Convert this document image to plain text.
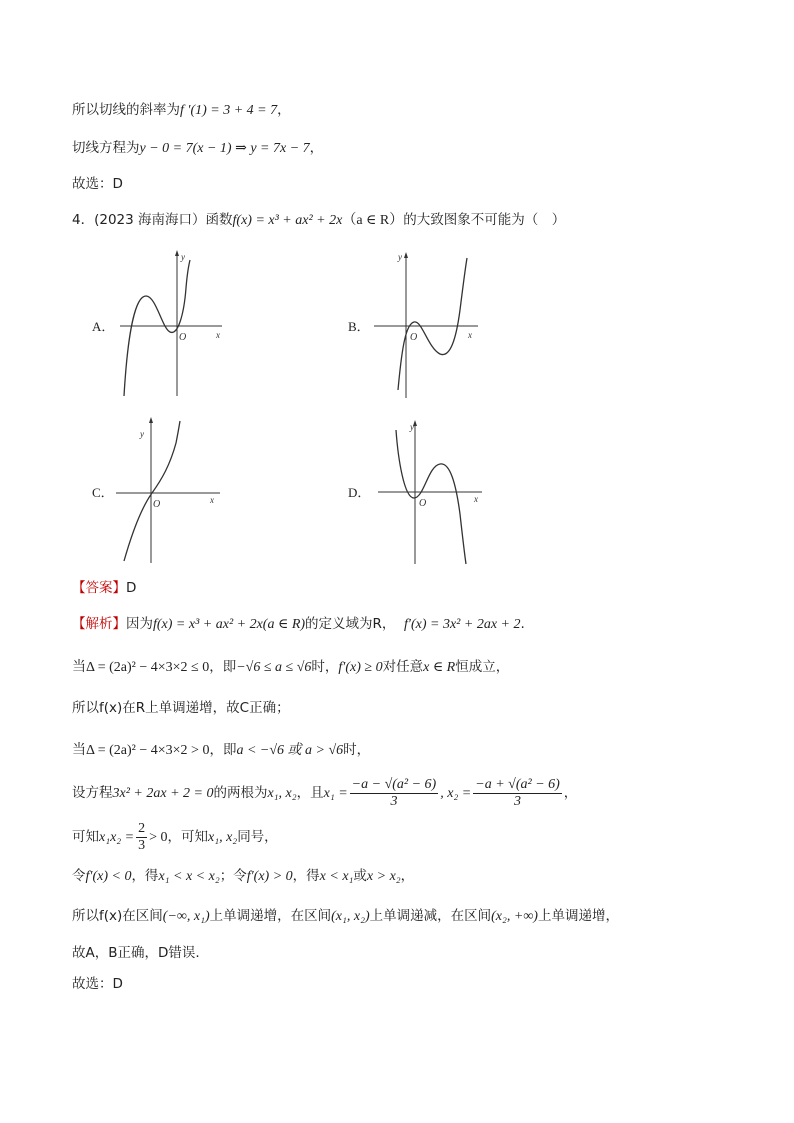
所以切线的斜率为f ′(1) = 3 + 4 = 7，
切线方程为y − 0 = 7(x − 1) ⇒ y = 7x − 7，
故选：D
4．(2023 海南海口）函数f(x) = x³ + ax² + 2x（a ∈ R）的大致图象不可能为（　）
A．
x
y
O
B．
x
y
O
C．	x
y
O
D．	x
y
O
【答案】D
【解析】因为f(x) = x³ + ax² + 2x(a ∈ R)的定义域为R， f′(x) = 3x² + 2ax + 2.
当Δ = (2a)² − 4×3×2 ≤ 0，即−√6 ≤ a ≤ √6时，f′(x) ≥ 0对任意x ∈ R恒成立，
所以f(x)在R上单调递增，故C正确；
当Δ = (2a)² − 4×3×2 > 0，即a < −√6 或 a > √6时，
设方程3x² + 2ax + 2 = 0的两根为x₁, x₂，且$x_1 = \frac{\text{−a − √(a² − 6)}}{3}$ , $x_2 = \frac{\text{−a + √(a² − 6)}}{3}$ ，
可知$x_1x_2 = \frac{2}{3} > 0$，可知x₁, x₂同号，
令f′(x) < 0，得x₁ < x < x₂；令f′(x) > 0，得x < x₁或x > x₂，
所以f(x)在区间(−∞, x₁)上单调递增，在区间(x₁, x₂)上单调递减，在区间(x₂, +∞)上单调递增，
故A，B正确，D错误.
故选：D
